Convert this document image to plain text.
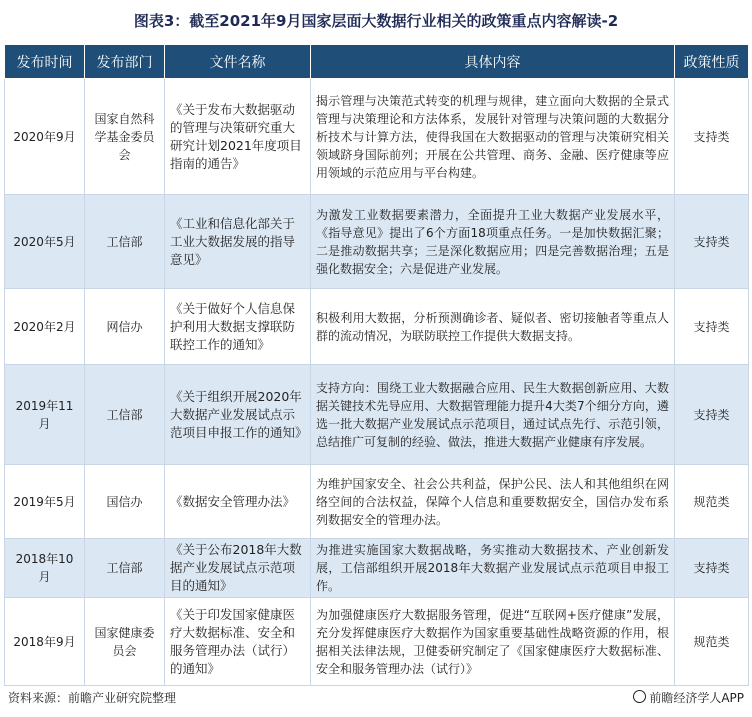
图表3：截至2021年9月国家层面大数据行业相关的政策重点内容解读-2
发布时间	发布部门	文件名称	具体内容	政策性质
2020年9月	国家自然科学基金委员会	《关于发布大数据驱动的管理与决策研究重大研究计划2021年度项目指南的通告》	揭示管理与决策范式转变的机理与规律，建立面向大数据的全景式管理与决策理论和方法体系，发展针对管理与决策问题的大数据分析技术与计算方法，使得我国在大数据驱动的管理与决策研究相关领域跻身国际前列；开展在公共管理、商务、金融、医疗健康等应用领域的示范应用与平台构建。	支持类
2020年5月	工信部	《工业和信息化部关于工业大数据发展的指导意见》	为激发工业数据要素潜力，全面提升工业大数据产业发展水平，《指导意见》提出了6个方面18项重点任务。一是加快数据汇聚；二是推动数据共享；三是深化数据应用；四是完善数据治理；五是强化数据安全；六是促进产业发展。	支持类
2020年2月	网信办	《关于做好个人信息保护利用大数据支撑联防联控工作的通知》	积极利用大数据，分析预测确诊者、疑似者、密切接触者等重点人群的流动情况，为联防联控工作提供大数据支持。	支持类
2019年11月	工信部	《关于组织开展2020年大数据产业发展试点示范项目申报工作的通知》	支持方向：围绕工业大数据融合应用、民生大数据创新应用、大数据关键技术先导应用、大数据管理能力提升4大类7个细分方向，遴选一批大数据产业发展试点示范项目，通过试点先行、示范引领，总结推广可复制的经验、做法，推进大数据产业健康有序发展。	支持类
2019年5月	国信办	《数据安全管理办法》	为维护国家安全、社会公共利益，保护公民、法人和其他组织在网络空间的合法权益，保障个人信息和重要数据安全，国信办发布系列数据安全的管理办法。	规范类
2018年10月	工信部	《关于公布2018年大数据产业发展试点示范项目的通知》	为推进实施国家大数据战略，务实推动大数据技术、产业创新发展，工信部组织开展2018年大数据产业发展试点示范项目申报工作。	支持类
2018年9月	国家健康委员会	《关于印发国家健康医疗大数据标准、安全和服务管理办法（试行）的通知》	为加强健康医疗大数据服务管理，促进“互联网+医疗健康”发展，充分发挥健康医疗大数据作为国家重要基础性战略资源的作用，根据相关法律法规，卫健委研究制定了《国家健康医疗大数据标准、安全和服务管理办法（试行）》	规范类
资料来源：前瞻产业研究院整理	前瞻经济学人APP
